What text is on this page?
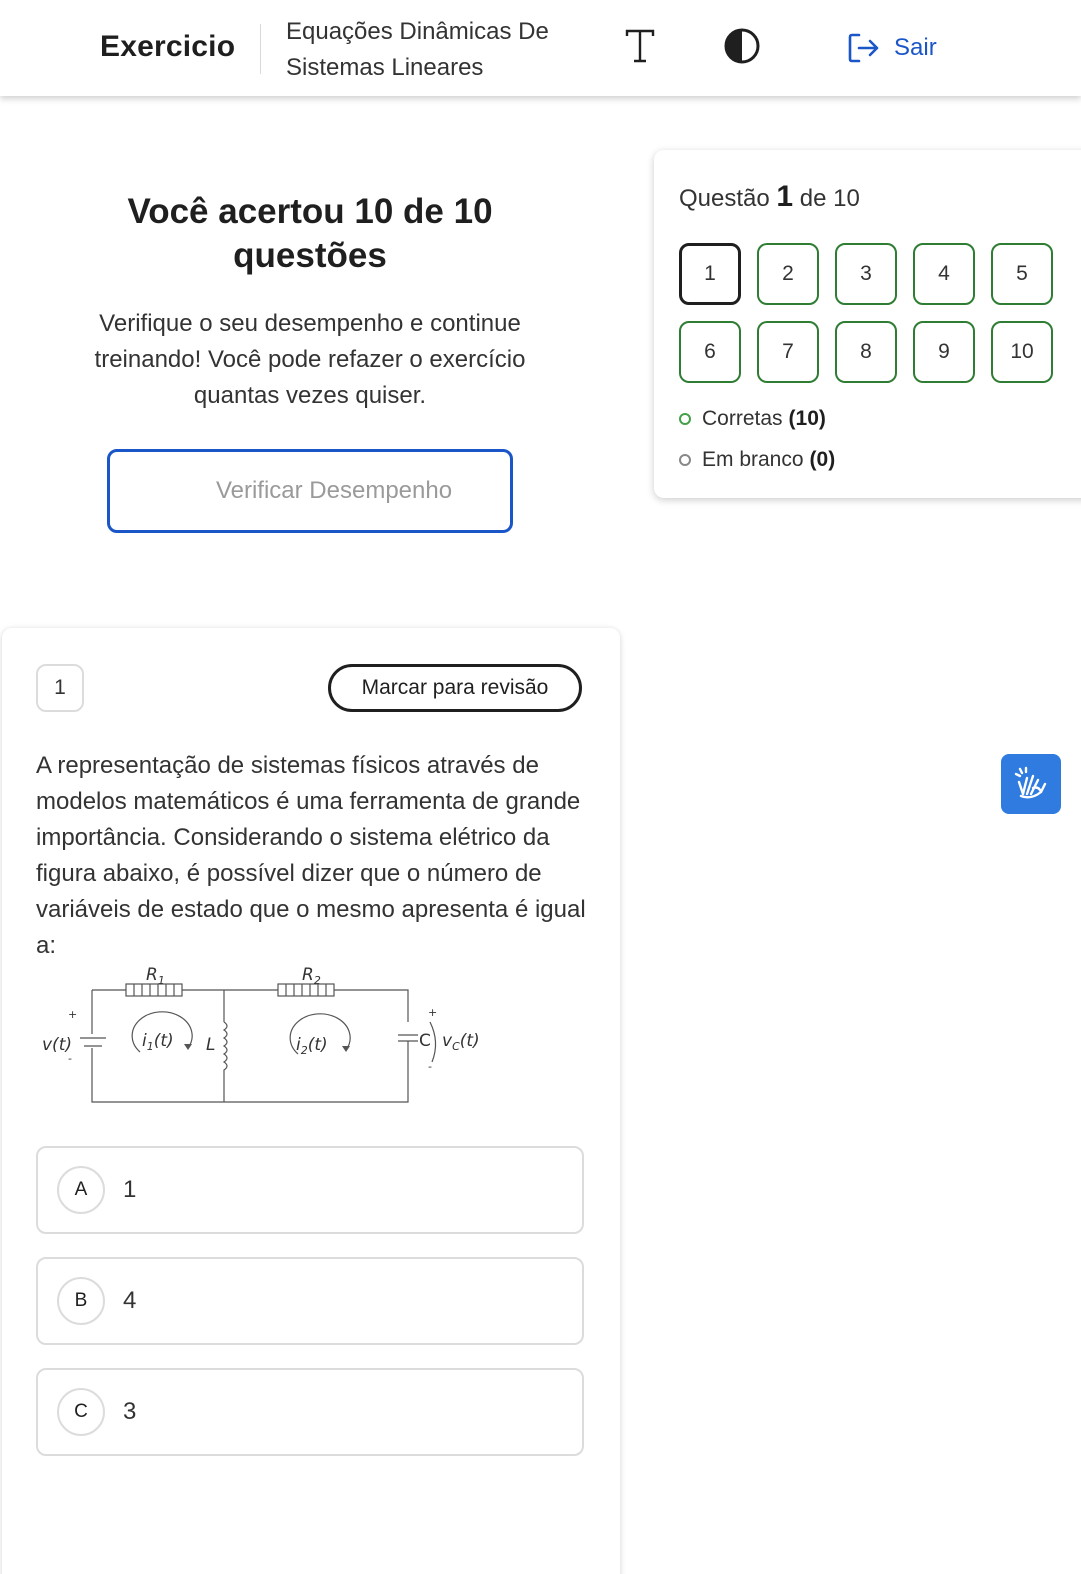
Exercicio Equações Dinâmicas De Sistemas Lineares
Sair
Você acertou 10 de 10 questões
Verifique o seu desempenho e continue treinando! Você pode refazer o exercício quantas vezes quiser.
Verificar Desempenho
Questão 1 de 10
1	2	3	4	5
6	7	8	9	10
Corretas (10)
Em branco (0)
1	Marcar para revisão
A representação de sistemas físicos através de modelos matemáticos é uma ferramenta de grande importância. Considerando o sistema elétrico da figura abaixo, é possível dizer que o número de variáveis de estado que o mesmo apresenta é igual a:
$R_1$	$R_2$
+
v(t)
-
$i_1(t)$ L	$i_2(t)$	C
+
$v_C(t)$
-
A	1
B	4
C	3
